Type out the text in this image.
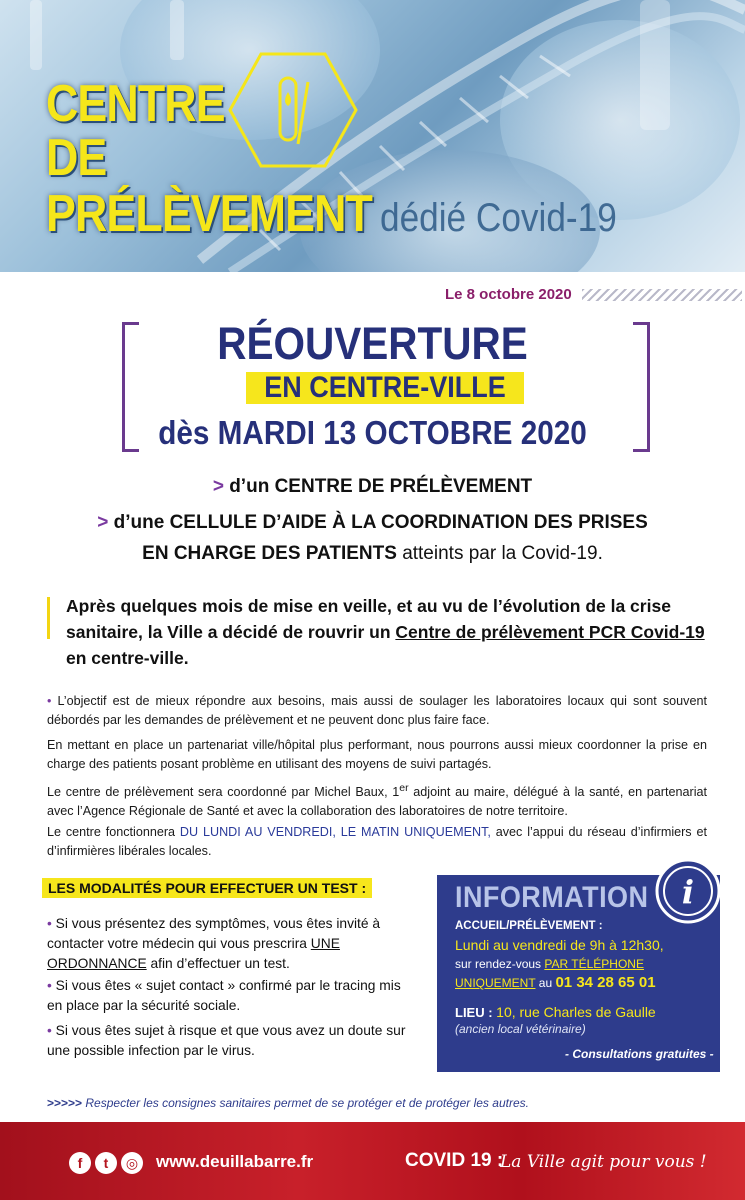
CENTRE
DE
PRÉLÈVEMENT dédié Covid-19
Le 8 octobre 2020
RÉOUVERTURE
EN CENTRE-VILLE
dès MARDI 13 OCTOBRE 2020
> d’un CENTRE DE PRÉLÈVEMENT
> d’une CELLULE D’AIDE À LA COORDINATION DES PRISES
EN CHARGE DES PATIENTS atteints par la Covid-19.
Après quelques mois de mise en veille, et au vu de l’évolution de la crise sanitaire, la Ville a décidé de rouvrir un Centre de prélèvement PCR Covid-19 en centre-ville.
• L’objectif est de mieux répondre aux besoins, mais aussi de soulager les laboratoires locaux qui sont souvent débordés par les demandes de prélèvement et ne peuvent donc plus faire face.
En mettant en place un partenariat ville/hôpital plus performant, nous pourrons aussi mieux coordonner la prise en charge des patients posant problème en utilisant des moyens de suivi partagés.
Le centre de prélèvement sera coordonné par Michel Baux, 1er adjoint au maire, délégué à la santé, en partenariat avec l’Agence Régionale de Santé et avec la collaboration des laboratoires de notre territoire.
Le centre fonctionnera DU LUNDI AU VENDREDI, LE MATIN UNIQUEMENT, avec l’appui du réseau d’infirmiers et d’infirmières libérales locales.
LES MODALITÉS POUR EFFECTUER UN TEST :
• Si vous présentez des symptômes, vous êtes invité à contacter votre médecin qui vous prescrira UNE ORDONNANCE afin d’effectuer un test.
• Si vous êtes « sujet contact » confirmé par le tracing mis en place par la sécurité sociale.
• Si vous êtes sujet à risque et que vous avez un doute sur une possible infection par le virus.
INFORMATION
ACCUEIL/PRÉLÈVEMENT :
Lundi au vendredi de 9h à 12h30,
sur rendez-vous PAR TÉLÉPHONE
UNIQUEMENT au 01 34 28 65 01
LIEU : 10, rue Charles de Gaulle
(ancien local vétérinaire)
- Consultations gratuites -
i
>>>>> Respecter les consignes sanitaires permet de se protéger et de protéger les autres.
f	t	◎ www.deuillabarre.fr	COVID 19 :
La Ville agit pour vous !
